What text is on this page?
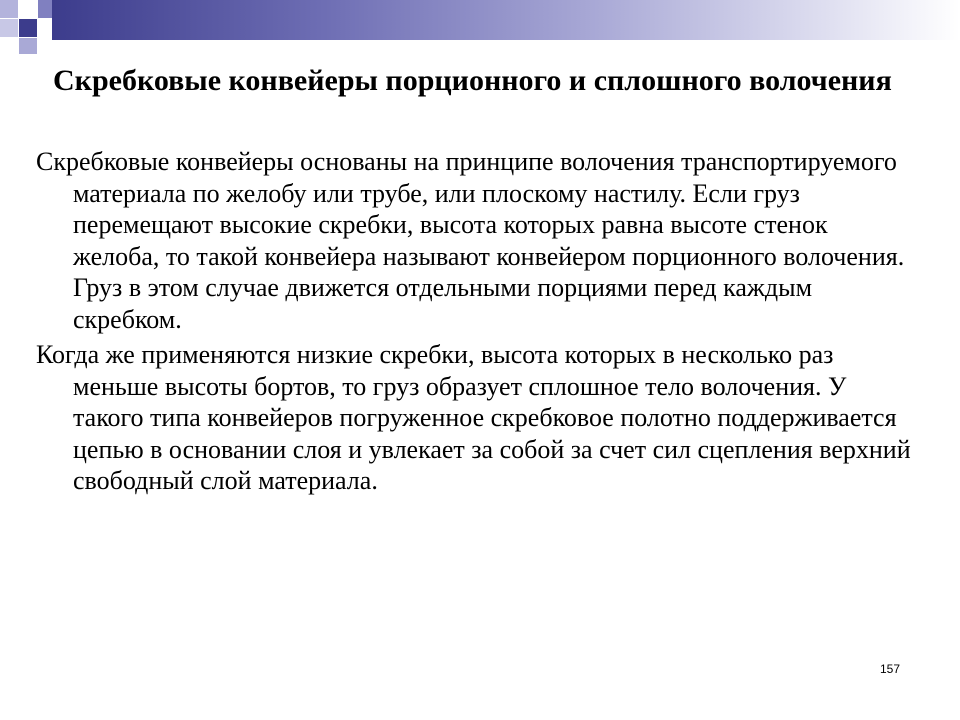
Скребковые конвейеры порционного и сплошного волочения

Скребковые конвейеры основаны на принципе волочения транспортируемого материала по желобу или трубе, или плоскому настилу. Если груз перемещают высокие скребки, высота которых равна высоте стенок желоба, то такой конвейера называют конвейером порционного волочения. Груз в этом случае движется отдельными порциями перед каждым скребком.

Когда же применяются низкие скребки, высота которых в несколько раз меньше высоты бортов, то груз образует сплошное тело волочения. У такого типа конвейеров погруженное скребковое полотно поддерживается цепью в основании слоя и увлекает за собой за счет сил сцепления верхний свободный слой материала.

157
